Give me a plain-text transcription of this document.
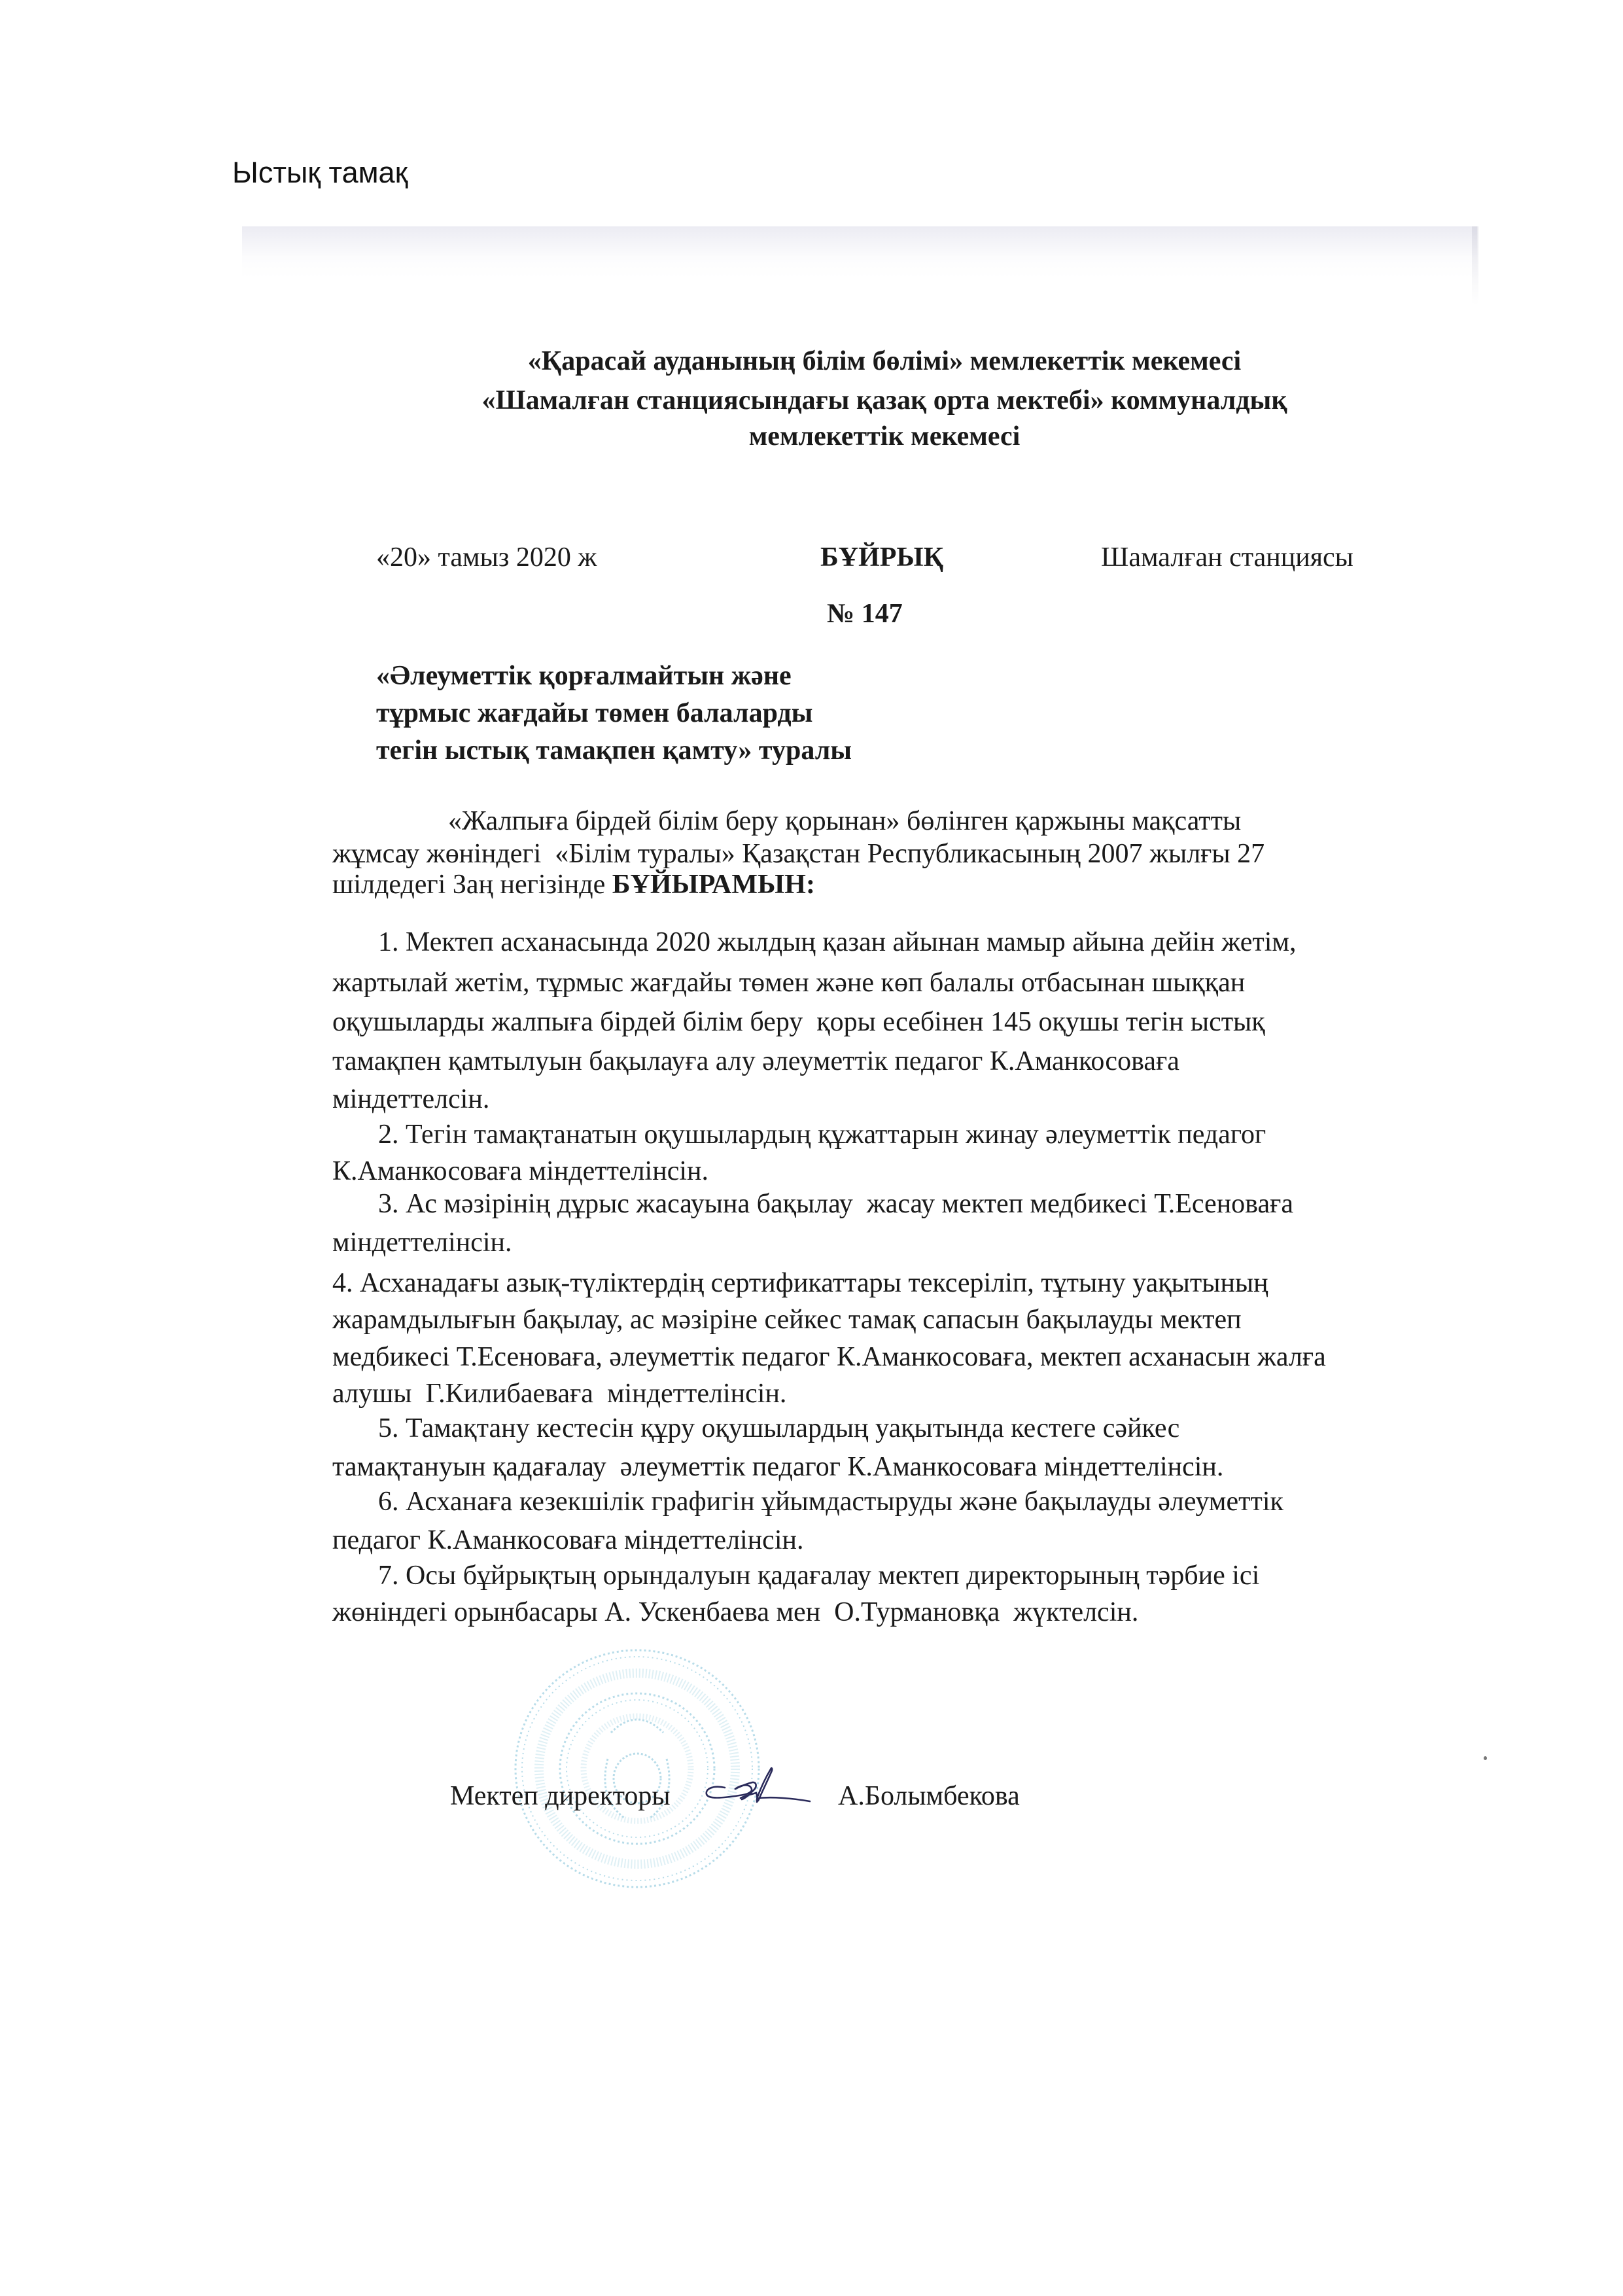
Ыстық тамақ
«Қарасай ауданының білім бөлімі» мемлекеттік мекемесі
«Шамалған станциясындағы қазақ орта мектебі» коммуналдық
мемлекеттік мекемесі
«20» тамыз 2020 ж	БҰЙРЫҚ	Шамалған станциясы
№ 147
«Әлеуметтік қорғалмайтын және
тұрмыс жағдайы төмен балаларды
тегін ыстық тамақпен қамту» туралы
«Жалпыға бірдей білім беру қорынан» бөлінген қаржыны мақсатты
жұмсау жөніндегі  «Білім туралы» Қазақстан Республикасының 2007 жылғы 27
шілдедегі Заң негізінде БҰЙЫРАМЫН:
1. Мектеп асханасында 2020 жылдың қазан айынан мамыр айына дейін жетім,
жартылай жетім, тұрмыс жағдайы төмен және көп балалы отбасынан шыққан
оқушыларды жалпыға бірдей білім беру  қоры есебінен 145 оқушы тегін ыстық
тамақпен қамтылуын бақылауға алу әлеуметтік педагог К.Аманкосоваға
міндеттелсін.
2. Тегін тамақтанатын оқушылардың құжаттарын жинау әлеуметтік педагог
К.Аманкосоваға міндеттелінсін.
3. Ас мәзірінің дұрыс жасауына бақылау  жасау мектеп медбикесі Т.Есеноваға
міндеттелінсін.
4. Асханадағы азық-түліктердің сертификаттары тексеріліп, тұтыну уақытының
жарамдылығын бақылау, ас мәзіріне сейкес тамақ сапасын бақылауды мектеп
медбикесі Т.Есеноваға, әлеуметтік педагог К.Аманкосоваға, мектеп асханасын жалға
алушы  Г.Килибаеваға  міндеттелінсін.
5. Тамақтану кестесін құру оқушылардың уақытында кестеге сәйкес
тамақтануын қадағалау  әлеуметтік педагог К.Аманкосоваға міндеттелінсін.
6. Асханаға кезекшілік графигін ұйымдастыруды және бақылауды әлеуметтік
педагог К.Аманкосоваға міндеттелінсін.
7. Осы бұйрықтың орындалуын қадағалау мектеп директорының тәрбие ісі
жөніндегі орынбасары А. Ускенбаева мен  О.Турмановқа  жүктелсін.
Мектеп директоры	А.Болымбекова
